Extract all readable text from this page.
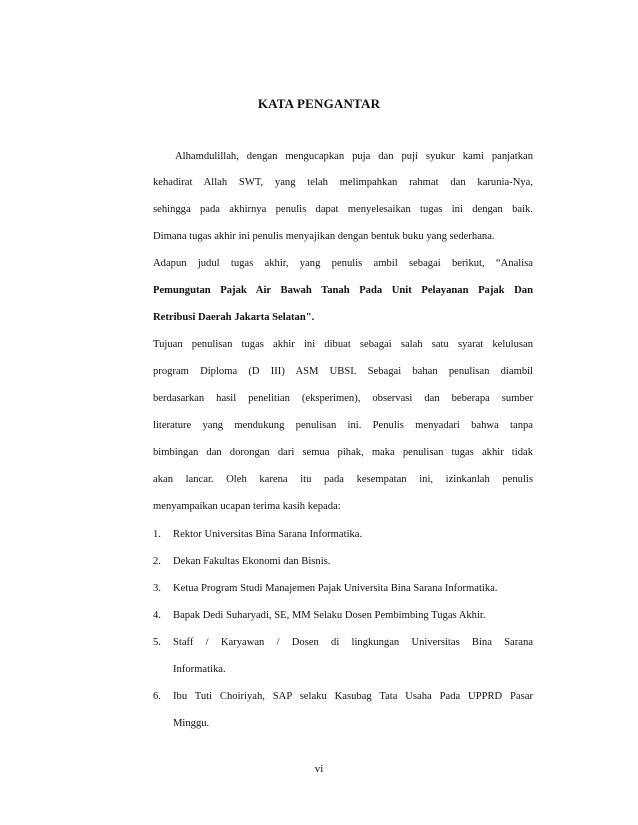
KATA PENGANTAR
Alhamdulillah, dengan mengucapkan puja dan puji syukur kami panjatkan
kehadirat Allah SWT, yang telah melimpahkan rahmat dan karunia-Nya,
sehingga pada akhirnya penulis dapat menyelesaikan tugas ini dengan baik.
Dimana tugas akhir ini penulis menyajikan dengan bentuk buku yang sederhana.
Adapun judul tugas akhir, yang penulis ambil sebagai berikut, “Analisa
Pemungutan Pajak Air Bawah Tanah Pada Unit Pelayanan Pajak Dan
Retribusi Daerah Jakarta Selatan".
Tujuan penulisan tugas akhir ini dibuat sebagai salah satu syarat kelulusan
program Diploma (D III) ASM UBSI. Sebagai bahan penulisan diambil
berdasarkan hasil penelitian (eksperimen), observasi dan beberapa sumber
literature yang mendukung penulisan ini. Penulis menyadari bahwa tanpa
bimbingan dan dorongan dari semua pihak, maka penulisan tugas akhir tidak
akan lancar. Oleh karena itu pada kesempatan ini, izinkanlah penulis
menyampaikan ucapan terima kasih kepada:
1.	Rektor Universitas Bina Sarana Informatika.
2.	Dekan Fakultas Ekonomi dan Bisnis.
3.	Ketua Program Studi Manajemen Pajak Universita Bina Sarana Informatika.
4.	Bapak Dedi Suharyadi, SE, MM Selaku Dosen Pembimbing Tugas Akhir.
5.	Staff / Karyawan / Dosen di lingkungan Universitas Bina Sarana
Informatika.
6.	Ibu Tuti Choiriyah, SAP selaku Kasubag Tata Usaha Pada UPPRD Pasar
Minggu.
vi
